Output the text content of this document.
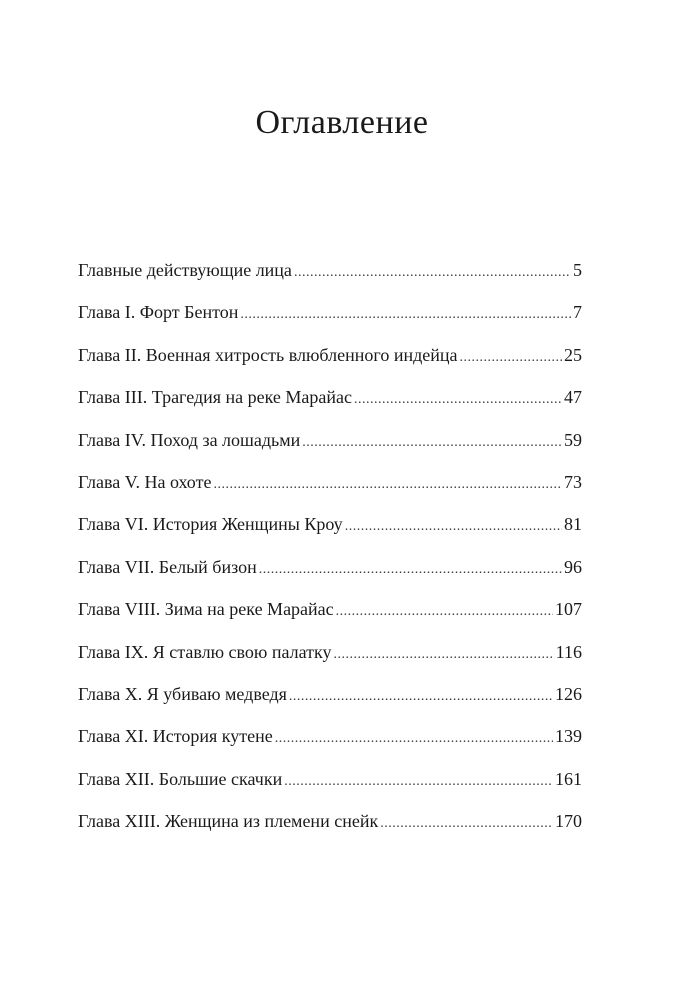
Оглавление
Главные действующие лица . . .	5
Глава I. Форт Бентон . . .	7
Глава II. Военная хитрость влюбленного индейца . . .	25
Глава III. Трагедия на реке Марайас . . .	47
Глава IV. Поход за лошадьми . . .	59
Глава V. На охоте . . .	73
Глава VI. История Женщины Кроу . . .	81
Глава VII. Белый бизон . . .	96
Глава VIII. Зима на реке Марайас . . .	107
Глава IX. Я ставлю свою палатку . . .	116
Глава X. Я убиваю медведя . . .	126
Глава XI. История кутене . . .	139
Глава XII. Большие скачки . . .	161
Глава XIII. Женщина из племени снейк . . .	170
